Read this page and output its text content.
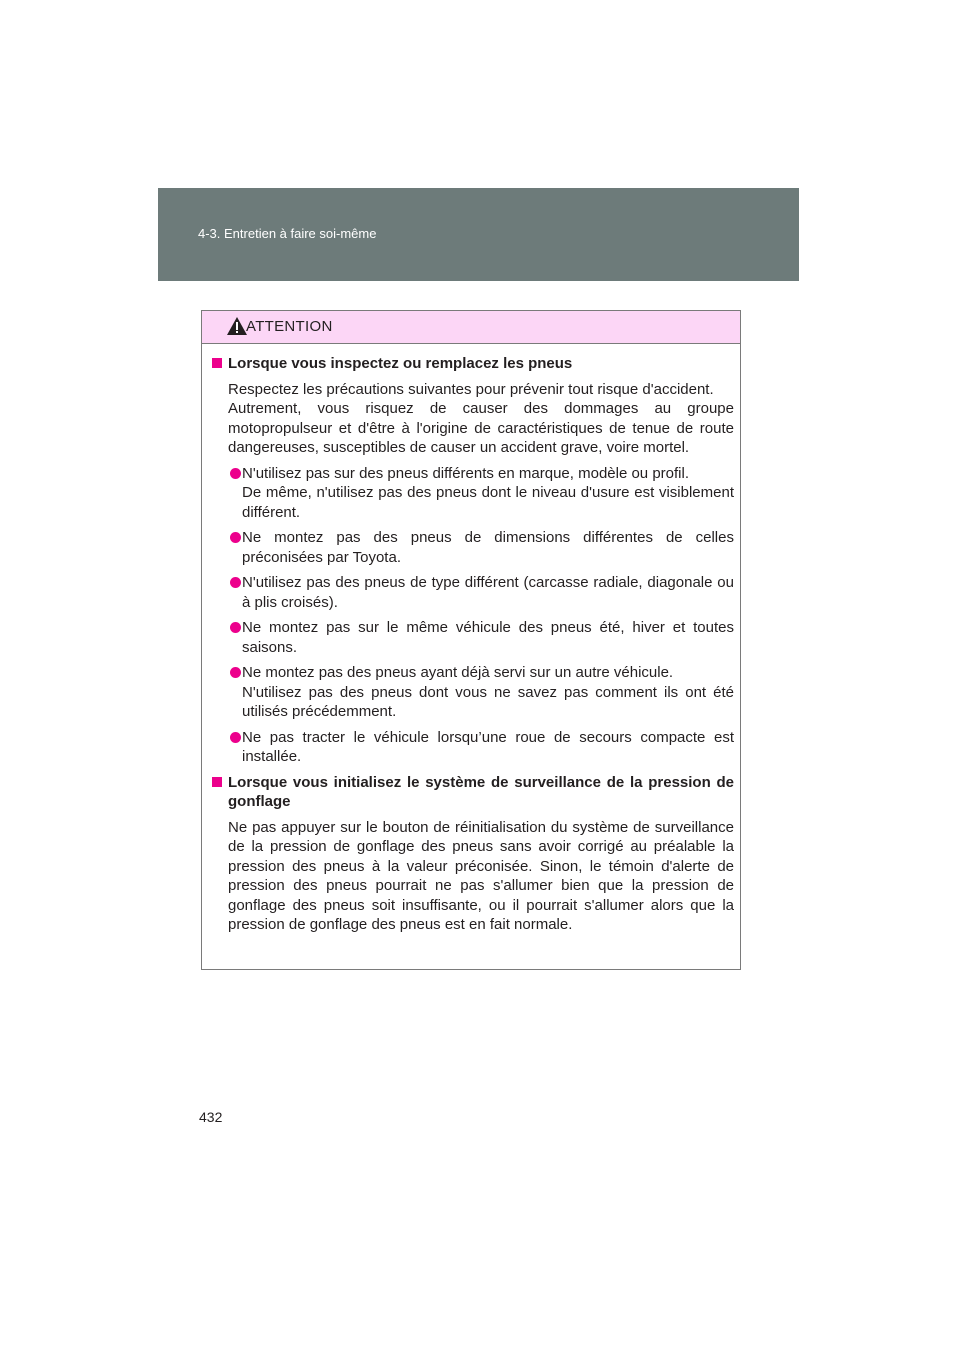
4-3. Entretien à faire soi-même
ATTENTION
Lorsque vous inspectez ou remplacez les pneus

Respectez les précautions suivantes pour prévenir tout risque d'accident.

Autrement, vous risquez de causer des dommages au groupe motopropulseur et d'être à l'origine de caractéristiques de tenue de route dangereuses, susceptibles de causer un accident grave, voire mortel.

N'utilisez pas sur des pneus différents en marque, modèle ou profil.
De même, n'utilisez pas des pneus dont le niveau d'usure est visiblement différent.
Ne montez pas des pneus de dimensions différentes de celles préconisées par Toyota.
N'utilisez pas des pneus de type différent (carcasse radiale, diagonale ou à plis croisés).
Ne montez pas sur le même véhicule des pneus été, hiver et toutes saisons.
Ne montez pas des pneus ayant déjà servi sur un autre véhicule.
N'utilisez pas des pneus dont vous ne savez pas comment ils ont été utilisés précédemment.
Ne pas tracter le véhicule lorsqu’une roue de secours compacte est installée.
Lorsque vous initialisez le système de surveillance de la pression de gonflage

Ne pas appuyer sur le bouton de réinitialisation du système de surveillance de la pression de gonflage des pneus sans avoir corrigé au préalable la pression des pneus à la valeur préconisée. Sinon, le témoin d'alerte de pression des pneus pourrait ne pas s'allumer bien que la pression de gonflage des pneus soit insuffisante, ou il pourrait s'allumer alors que la pression de gonflage des pneus est en fait normale.

432
